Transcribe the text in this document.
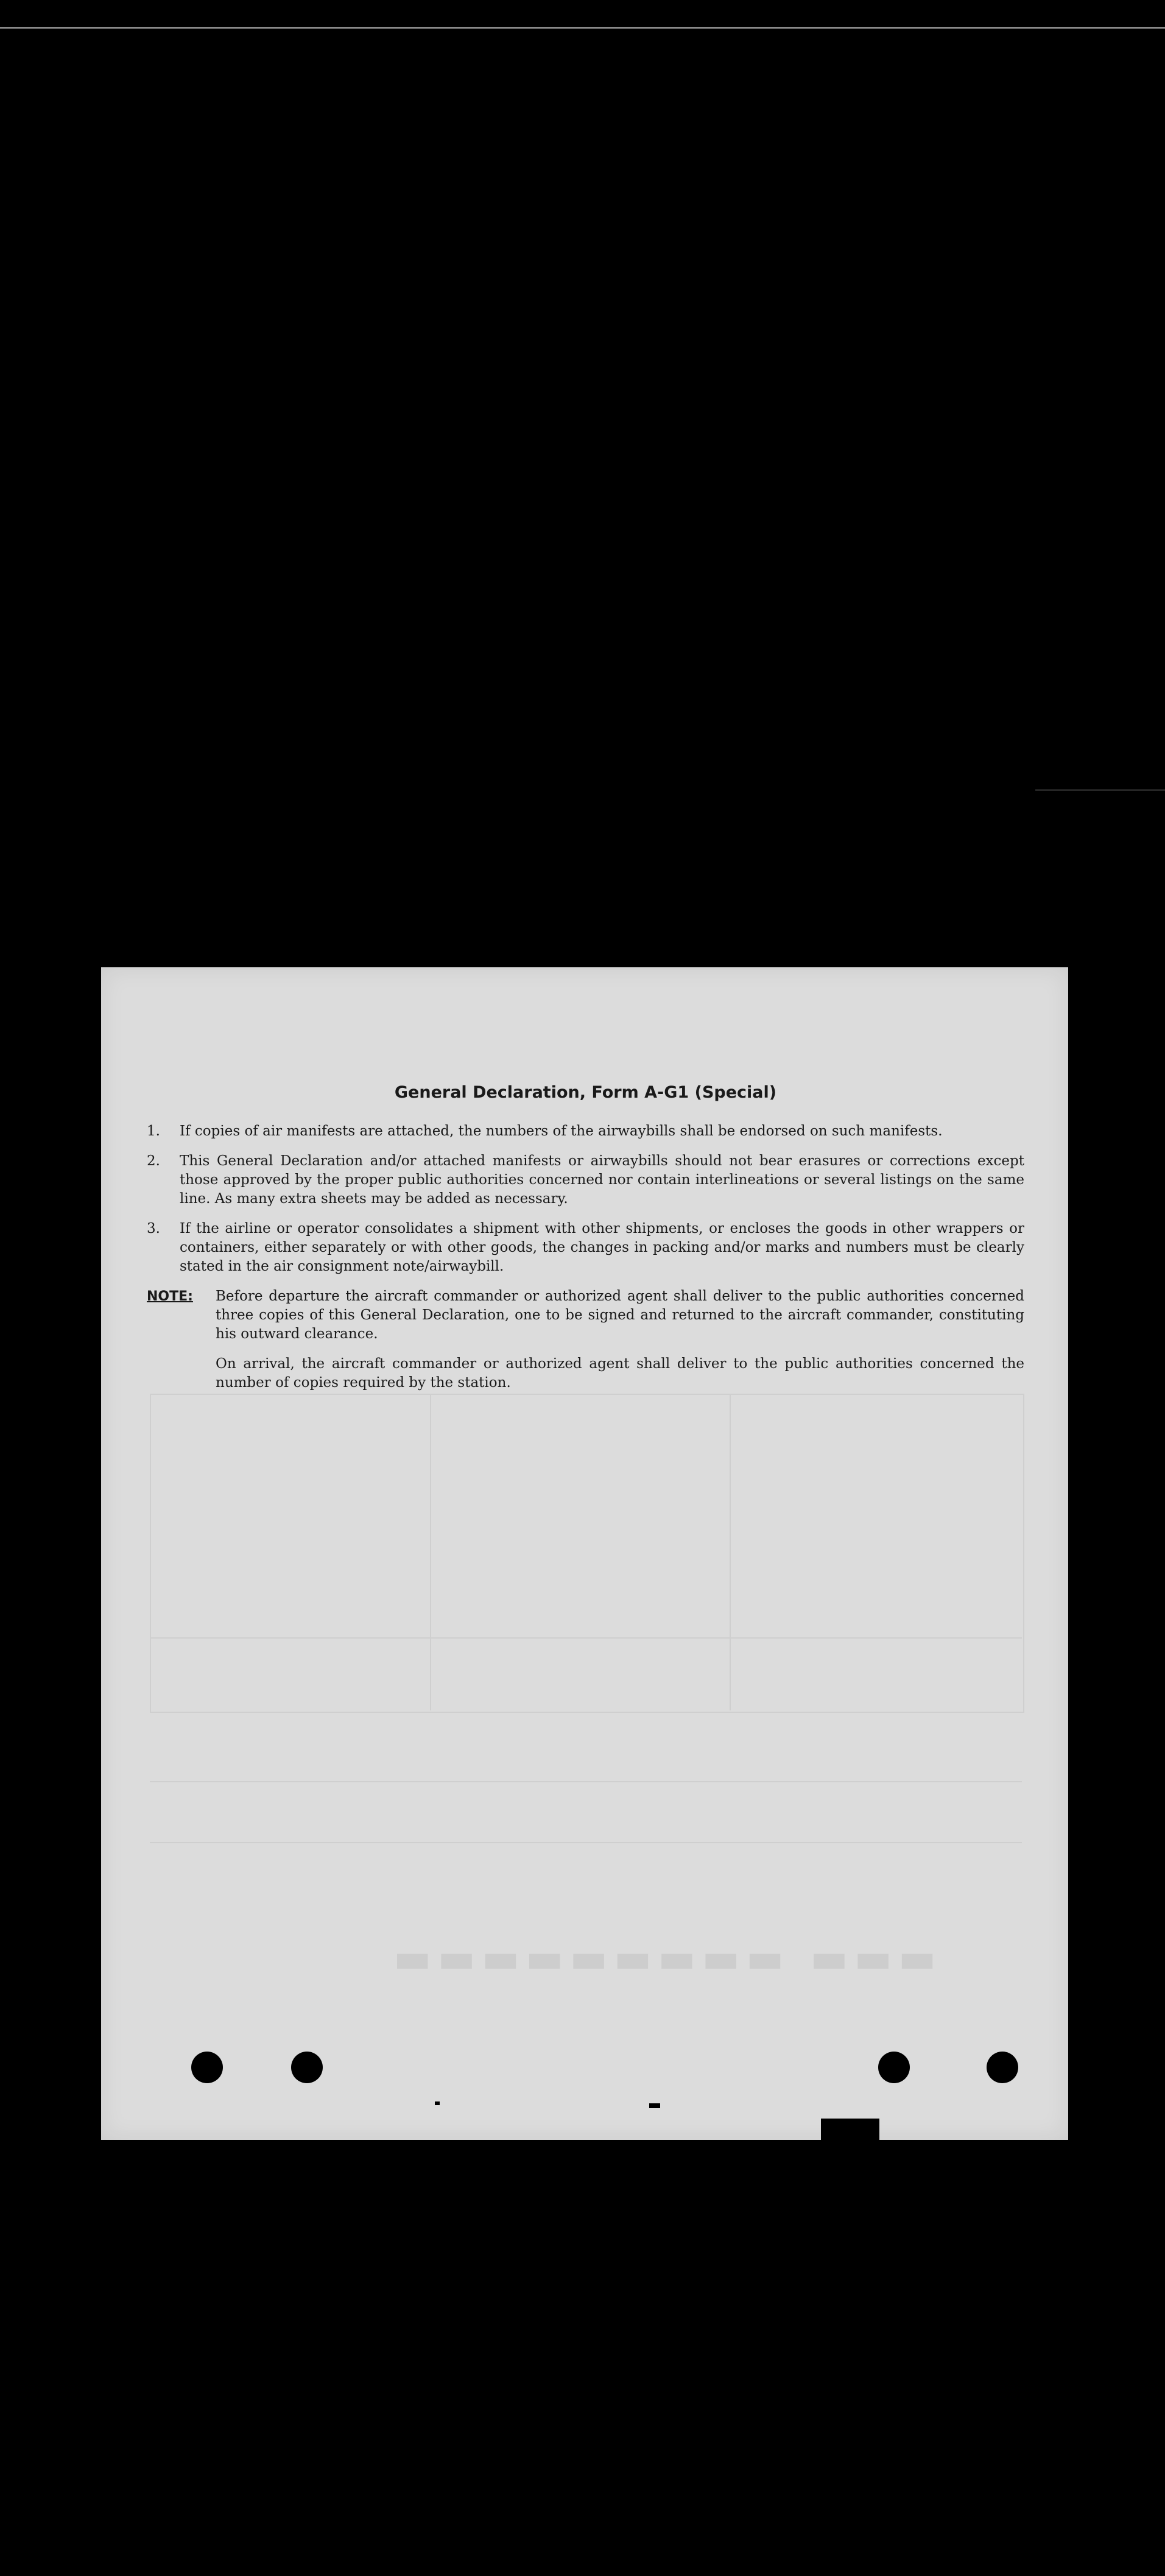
▬▬▬ ▬▬▬▬▬▬▬▬▬
General Declaration, Form A-G1 (Special)
1.	If copies of air manifests are attached, the numbers of the airwaybills shall be endorsed on such manifests.
2.	This General Declaration and/or attached manifests or airwaybills should not bear erasures or corrections except those approved by the proper public authorities concerned nor contain interlineations or several listings on the same line. As many extra sheets may be added as necessary.
3.	If the airline or operator consolidates a shipment with other shipments, or encloses the goods in other wrappers or containers, either separately or with other goods, the changes in packing and/or marks and numbers must be clearly stated in the air consignment note/airwaybill.
NOTE:	Before departure the aircraft commander or authorized agent shall deliver to the public authorities concerned three copies of this General Declaration, one to be signed and returned to the aircraft commander, constituting his outward clearance.

On arrival, the aircraft commander or authorized agent shall deliver to the public authorities concerned the number of copies required by the station.
